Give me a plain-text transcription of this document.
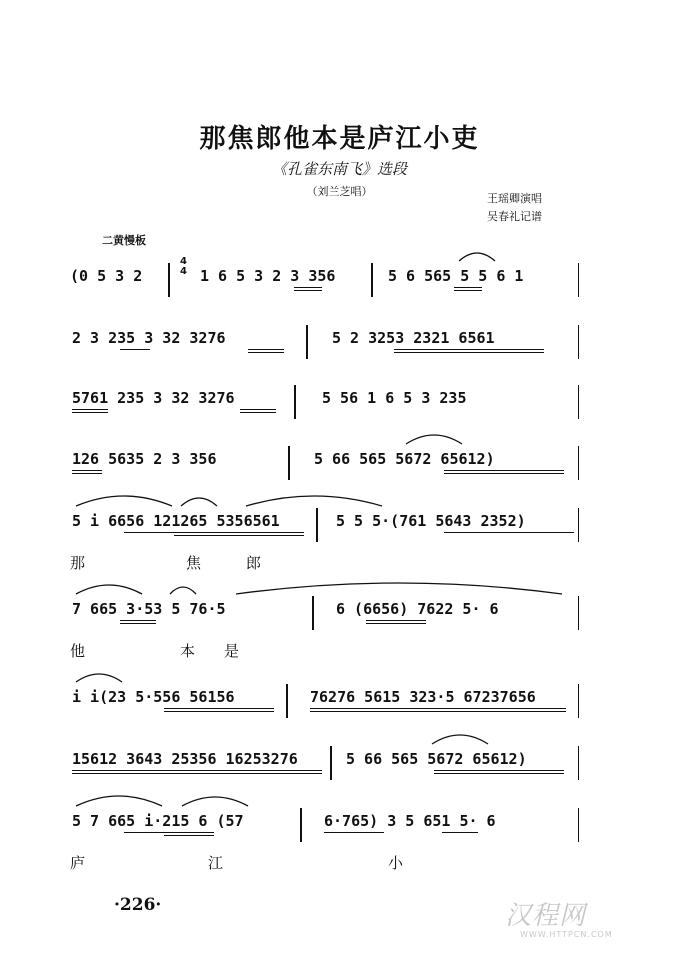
那焦郎他本是庐江小吏
《孔雀东南飞》选段
（刘兰芝唱）
王瑶卿演唱
吴春礼记谱
二黄慢板
(0 5 3 2
4
4 1 6 5 3 2 3 356	5 6 565 5 5 6 1
2 3 235 3 32 3276	5 2 3253 2321 6561
5761 235 3 32 3276	5 56 1 6 5 3 235
126 5635 2 3 356	5 66 565 5672 65612)
5 i 6656 121265 5356561	5 5 5·(761 5643 2352)
那	焦	郎
7 665 3·53 5 76·5	6 (6656) 7622 5· 6
他	本 是
i i(23 5·556 56156	76276 5615 323·5 67237656
15612 3643 25356 16253276	5 66 565 5672 65612)
5 7 665 i·215 6 (57	6·765) 3 5 651 5· 6
庐	江	小
·226·	汉程网
WWW.HTTPCN.COM
